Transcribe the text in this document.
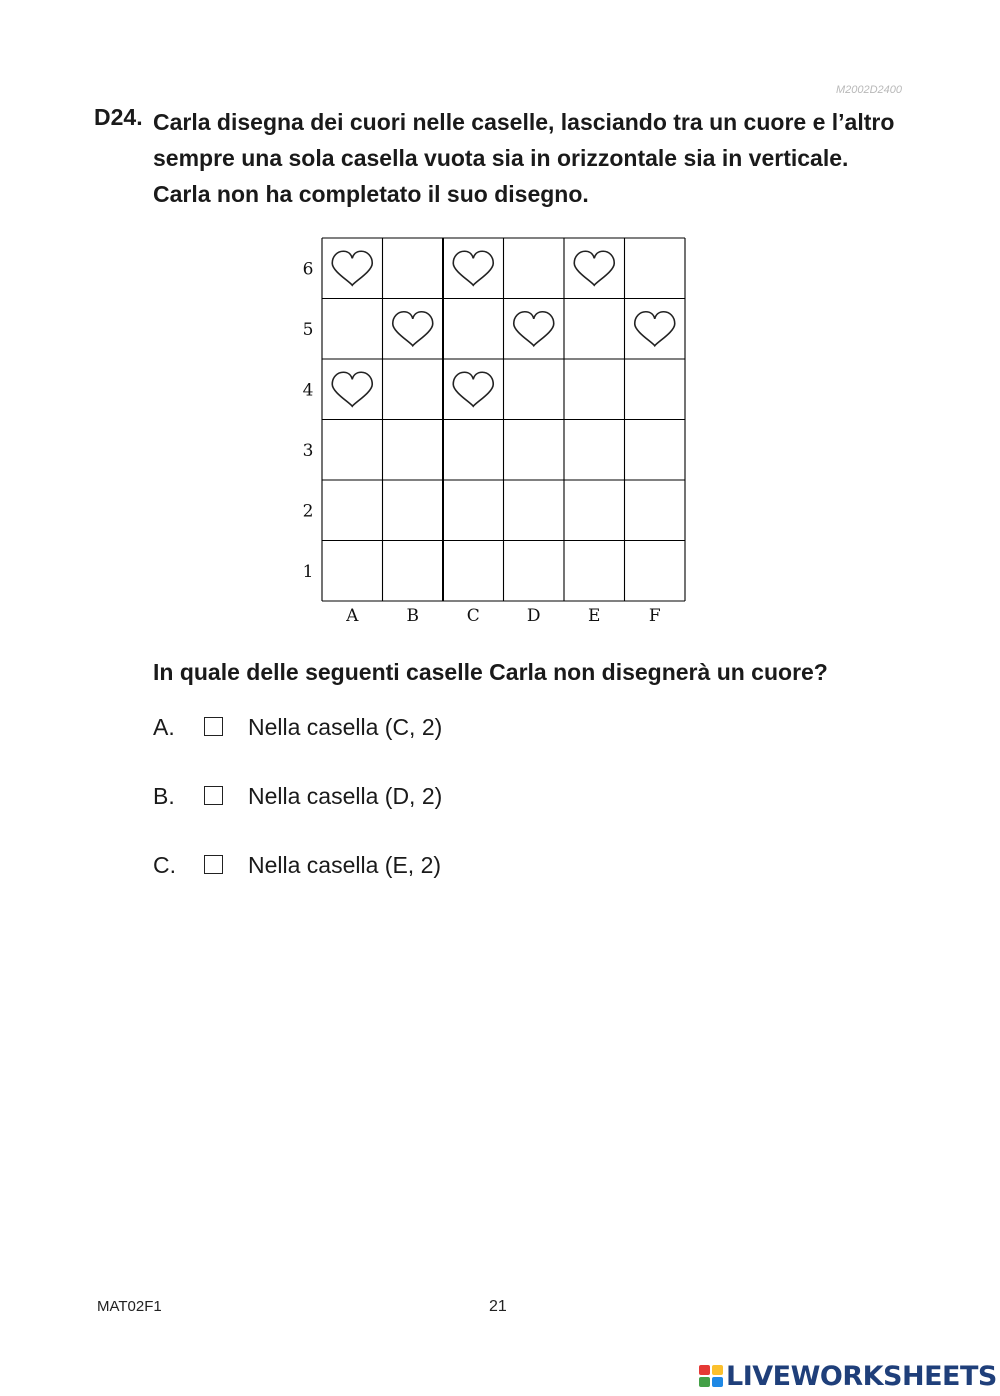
M2002D2400
D24. Carla disegna dei cuori nelle caselle, lasciando tra un cuore e l’altro sempre una sola casella vuota sia in orizzontale sia in verticale.
Carla non ha completato il suo disegno.
6
5
4
3
2
1
A	B	C	D	E	F
In quale delle seguenti caselle Carla non disegnerà un cuore?
A.	Nella casella (C, 2)
B.	Nella casella (D, 2)
C.	Nella casella (E, 2)
MAT02F1	21
LIVEWORKSHEETS
